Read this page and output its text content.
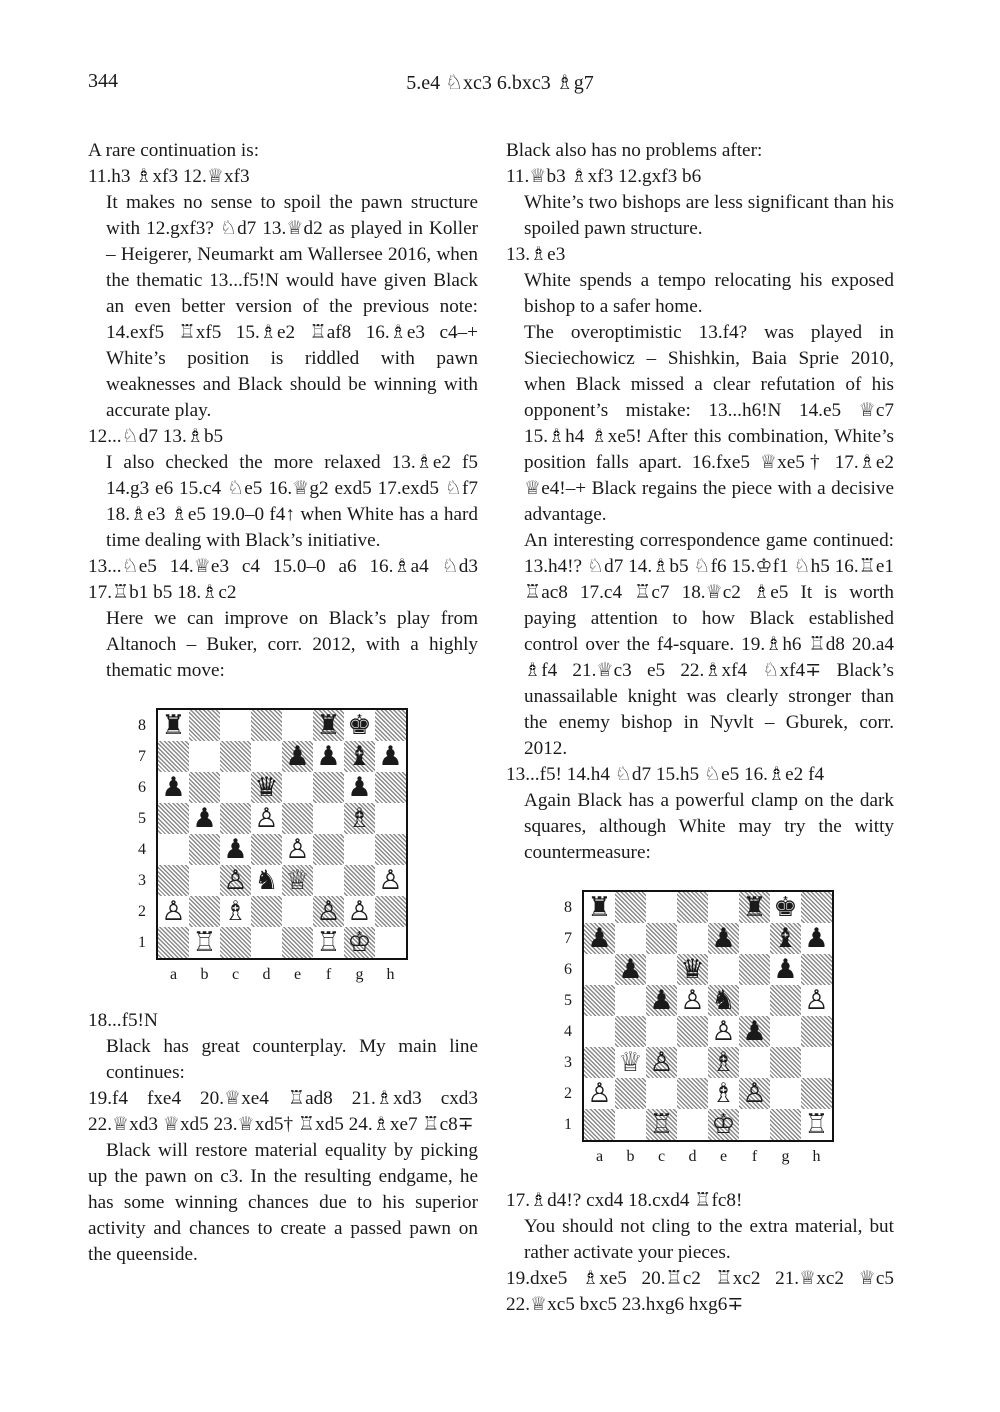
344	5.e4 ♘xc3 6.bxc3 ♗g7

A rare continuation is:

11.h3 ♗xf3 12.♕xf3

It makes no sense to spoil the pawn structure with 12.gxf3? ♘d7 13.♕d2 as played in Koller – Heigerer, Neumarkt am Wallersee 2016, when the thematic 13...f5!N would have given Black an even better version of the previous note: 14.exf5 ♖xf5 15.♗e2 ♖af8 16.♗e3 c4–+ White’s position is riddled with pawn weaknesses and Black should be winning with accurate play.

12...♘d7 13.♗b5

I also checked the more relaxed 13.♗e2 f5 14.g3 e6 15.c4 ♘e5 16.♕g2 exd5 17.exd5 ♘f7 18.♗e3 ♗e5 19.0–0 f4↑ when White has a hard time dealing with Black’s initiative.

13...♘e5 14.♕e3 c4 15.0–0 a6 16.♗a4 ♘d3 17.♖b1 b5 18.♗c2

Here we can improve on Black’s play from Altanoch – Buker, corr. 2012, with a highly thematic move:

8
7
6
5
4
3
2
1
♜	♜ ♚
♟ ♟ ♝ ♟
♟	♛	♟
♟ ♙	♗
♟ ♙
♙ ♞ ♕	♙
♙ ♗	♙ ♙
♖	♖ ♔
a	b	c	d	e	f	g	h

18...f5!N

Black has great counterplay. My main line continues:

19.f4 fxe4 20.♕xe4 ♖ad8 21.♗xd3 cxd3 22.♕xd3 ♕xd5 23.♕xd5† ♖xd5 24.♗xe7 ♖c8∓

Black will restore material equality by picking up the pawn on c3. In the resulting endgame, he has some winning chances due to his superior activity and chances to create a passed pawn on the queenside.

Black also has no problems after:

11.♕b3 ♗xf3 12.gxf3 b6

White’s two bishops are less significant than his spoiled pawn structure.

13.♗e3

White spends a tempo relocating his exposed bishop to a safer home.

The overoptimistic 13.f4? was played in Sieciechowicz – Shishkin, Baia Sprie 2010, when Black missed a clear refutation of his opponent’s mistake: 13...h6!N 14.e5 ♕c7 15.♗h4 ♗xe5! After this combination, White’s position falls apart. 16.fxe5 ♕xe5† 17.♗e2 ♕e4!–+ Black regains the piece with a decisive advantage.

An interesting correspondence game continued: 13.h4!? ♘d7 14.♗b5 ♘f6 15.♔f1 ♘h5 16.♖e1 ♖ac8 17.c4 ♖c7 18.♕c2 ♗e5 It is worth paying attention to how Black established control over the f4-square. 19.♗h6 ♖d8 20.a4 ♗f4 21.♕c3 e5 22.♗xf4 ♘xf4∓ Black’s unassailable knight was clearly stronger than the enemy bishop in Nyvlt – Gburek, corr. 2012.

13...f5! 14.h4 ♘d7 15.h5 ♘e5 16.♗e2 f4

Again Black has a powerful clamp on the dark squares, although White may try the witty countermeasure:

8
7
6
5
4
3
2
1
♜	♜ ♚
♟	♟ ♝ ♟
♟ ♛	♟
♟ ♙ ♞	♙
♙ ♟
♕ ♙ ♗
♙	♗ ♙
♖ ♔	♖
a	b	c	d	e	f	g	h

17.♗d4!? cxd4 18.cxd4 ♖fc8!

You should not cling to the extra material, but rather activate your pieces.

19.dxe5 ♗xe5 20.♖c2 ♖xc2 21.♕xc2 ♕c5 22.♕xc5 bxc5 23.hxg6 hxg6∓
